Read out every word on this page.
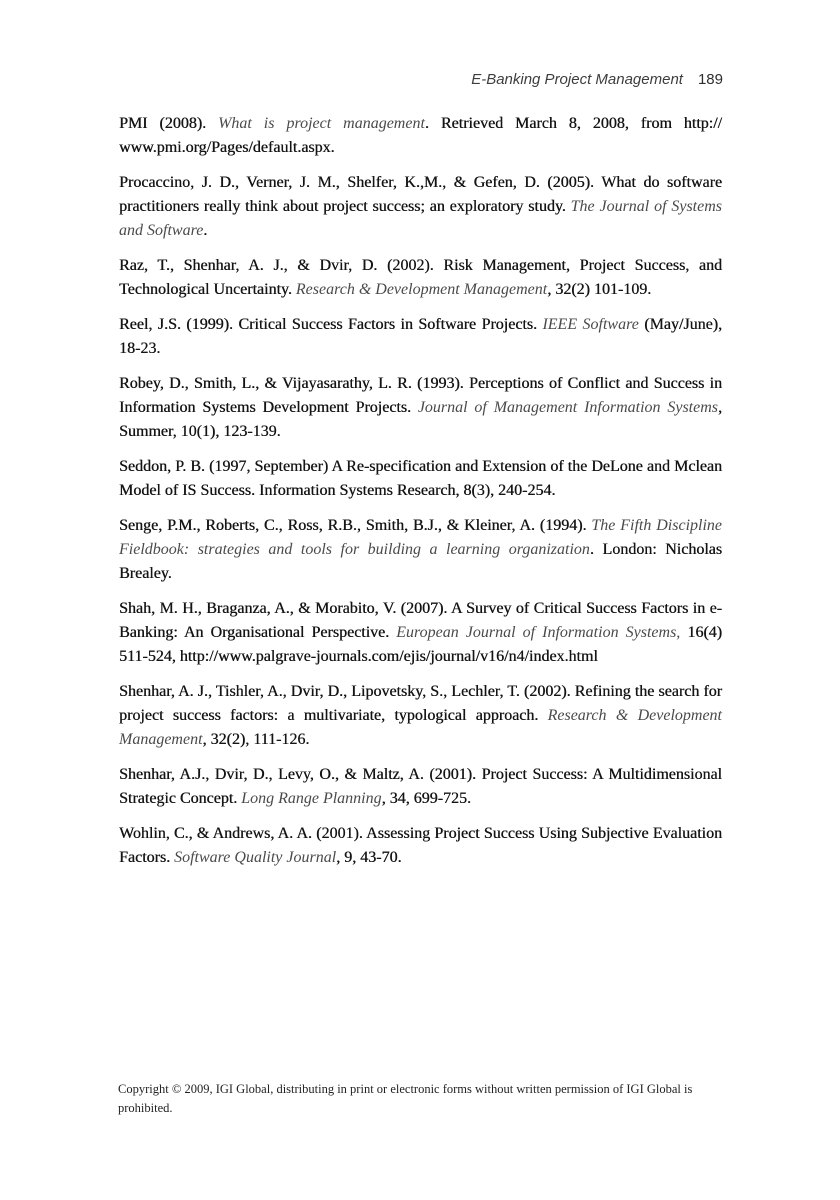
E-Banking Project Management 189

PMI (2008). What is project management. Retrieved March 8, 2008, from http://www.pmi.org/Pages/default.aspx.

Procaccino, J. D., Verner, J. M., Shelfer, K.,M., & Gefen, D. (2005). What do software practitioners really think about project success; an exploratory study. The Journal of Systems and Software.

Raz, T., Shenhar, A. J., & Dvir, D. (2002). Risk Management, Project Success, and Technological Uncertainty. Research & Development Management, 32(2) 101-109.

Reel, J.S. (1999). Critical Success Factors in Software Projects. IEEE Software (May/June), 18-23.

Robey, D., Smith, L., & Vijayasarathy, L. R. (1993). Perceptions of Conflict and Success in Information Systems Development Projects. Journal of Management Information Systems, Summer, 10(1), 123-139.

Seddon, P. B. (1997, September) A Re-specification and Extension of the DeLone and Mclean Model of IS Success. Information Systems Research, 8(3), 240-254.

Senge, P.M., Roberts, C., Ross, R.B., Smith, B.J., & Kleiner, A. (1994). The Fifth Discipline Fieldbook: strategies and tools for building a learning organization. London: Nicholas Brealey.

Shah, M. H., Braganza, A., & Morabito, V. (2007). A Survey of Critical Success Factors in e-Banking: An Organisational Perspective. European Journal of Information Systems, 16(4) 511-524, http://www.palgrave-journals.com/ejis/journal/v16/n4/index.html

Shenhar, A. J., Tishler, A., Dvir, D., Lipovetsky, S., Lechler, T. (2002). Refining the search for project success factors: a multivariate, typological approach. Research & Development Management, 32(2), 111-126.

Shenhar, A.J., Dvir, D., Levy, O., & Maltz, A. (2001). Project Success: A Multidimensional Strategic Concept. Long Range Planning, 34, 699-725.

Wohlin, C., & Andrews, A. A. (2001). Assessing Project Success Using Subjective Evaluation Factors. Software Quality Journal, 9, 43-70.

Copyright © 2009, IGI Global, distributing in print or electronic forms without written permission of IGI Global is prohibited.
